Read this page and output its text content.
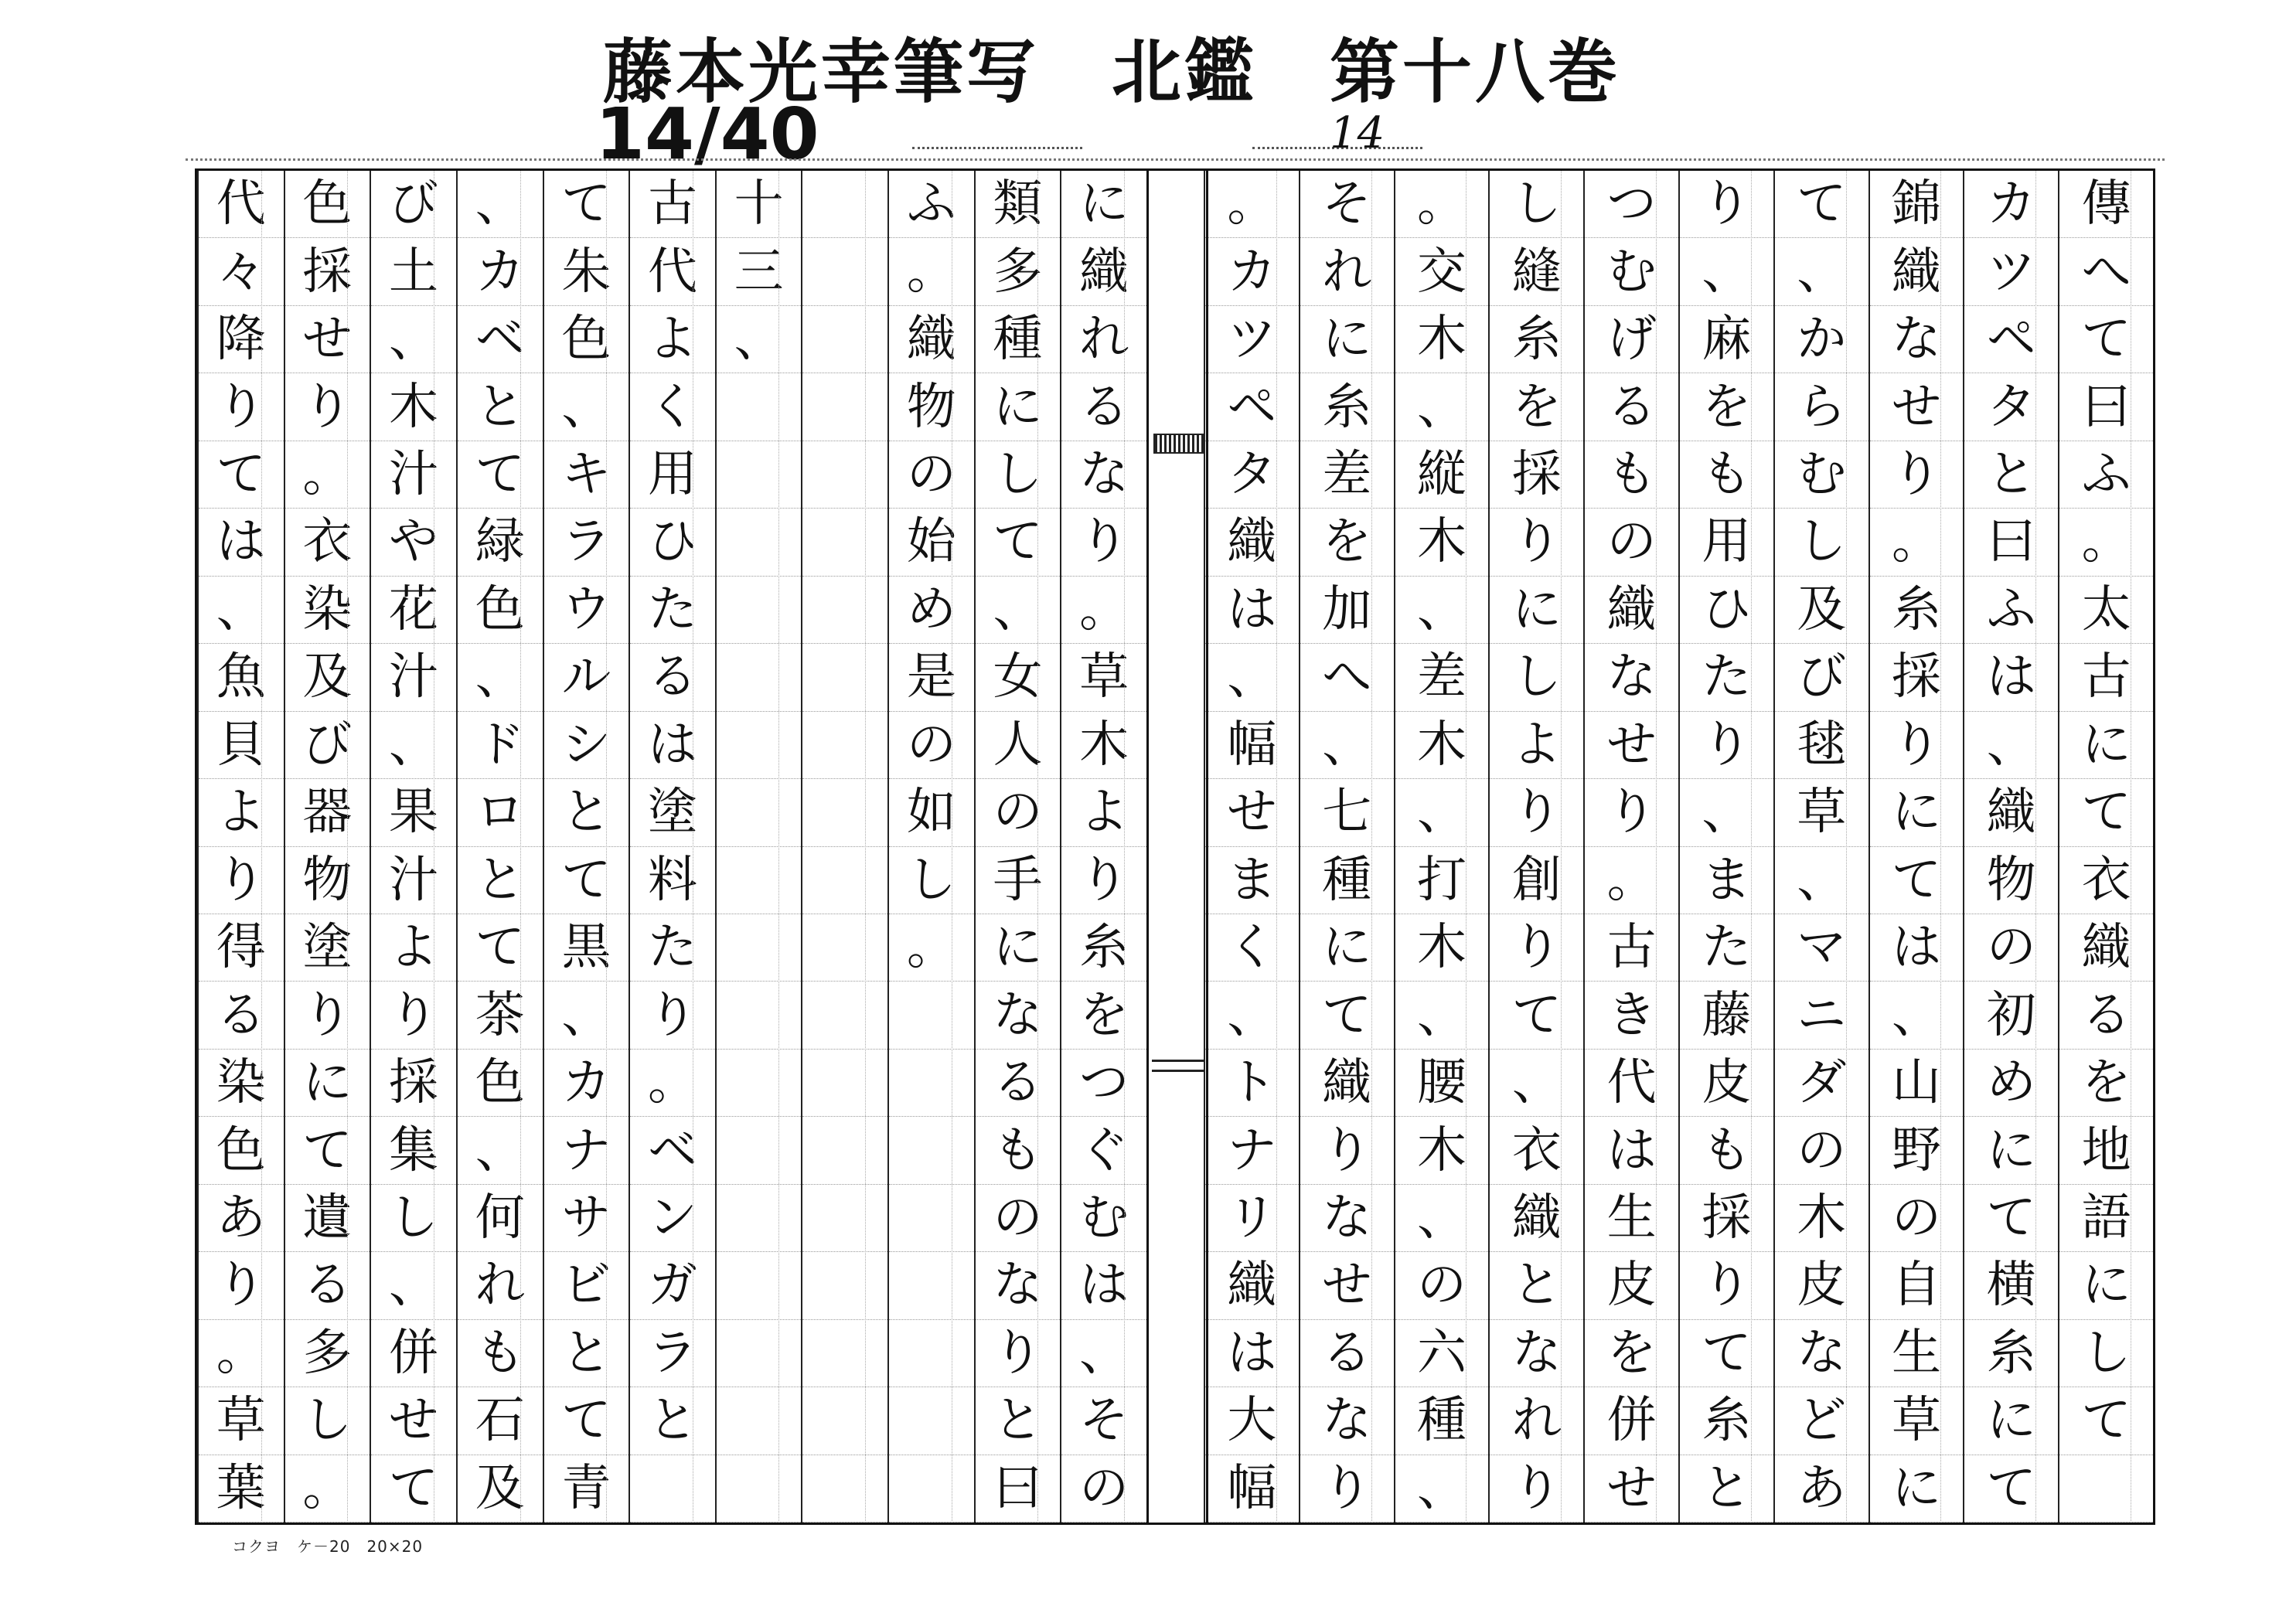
藤本光幸筆写　北鑑　第十八巻
14/40	14
傳
へ
て
曰
ふ
。
太
古
に
て
衣
織
る
を
地
語
に
し
て
カ
ツ
ペ
タ
と
曰
ふ
は
、
織
物
の
初
め
に
て
横
糸
に
て
錦
織
な
せ
り
。
糸
採
り
に
て
は
、
山
野
の
自
生
草
に
て
、
か
ら
む
し
及
び
毬
草
、
マ
ニ
ダ
の
木
皮
な
ど
あ
り
、
麻
を
も
用
ひ
た
り
、
ま
た
藤
皮
も
採
り
て
糸
と
つ
む
げ
る
も
の
織
な
せ
り
。
古
き
代
は
生
皮
を
併
せ
し
縫
糸
を
採
り
に
し
よ
り
創
り
て
、
衣
織
と
な
れ
り
。
交
木
、
縦
木
、
差
木
、
打
木
、
腰
木
、
の
六
種
、
そ
れ
に
糸
差
を
加
へ
、
七
種
に
て
織
り
な
せ
る
な
り
。
カ
ツ
ペ
タ
織
は
、
幅
せ
ま
く
、
ト
ナ
リ
織
は
大
幅
に
織
れ
る
な
り
。
草
木
よ
り
糸
を
つ
ぐ
む
は
、
そ
の
類
多
種
に
し
て
、
女
人
の
手
に
な
る
も
の
な
り
と
曰
ふ
。
織
物
の
始
め
是
の
如
し
。
十
三
、
古
代
よ
く
用
ひ
た
る
は
塗
料
た
り
。
ベ
ン
ガ
ラ
と
て
朱
色
、
キ
ラ
ウ
ル
シ
と
て
黒
、
カ
ナ
サ
ビ
と
て
青
、
カ
ベ
と
て
緑
色
、
ド
ロ
と
て
茶
色
、
何
れ
も
石
及
び
土
、
木
汁
や
花
汁
、
果
汁
よ
り
採
集
し
、
併
せ
て
色
採
せ
り
。
衣
染
及
び
器
物
塗
り
に
て
遺
る
多
し
。
代
々
降
り
て
は
、
魚
貝
よ
り
得
る
染
色
あ
り
。
草
葉
コクヨ　ケ－20　20×20
